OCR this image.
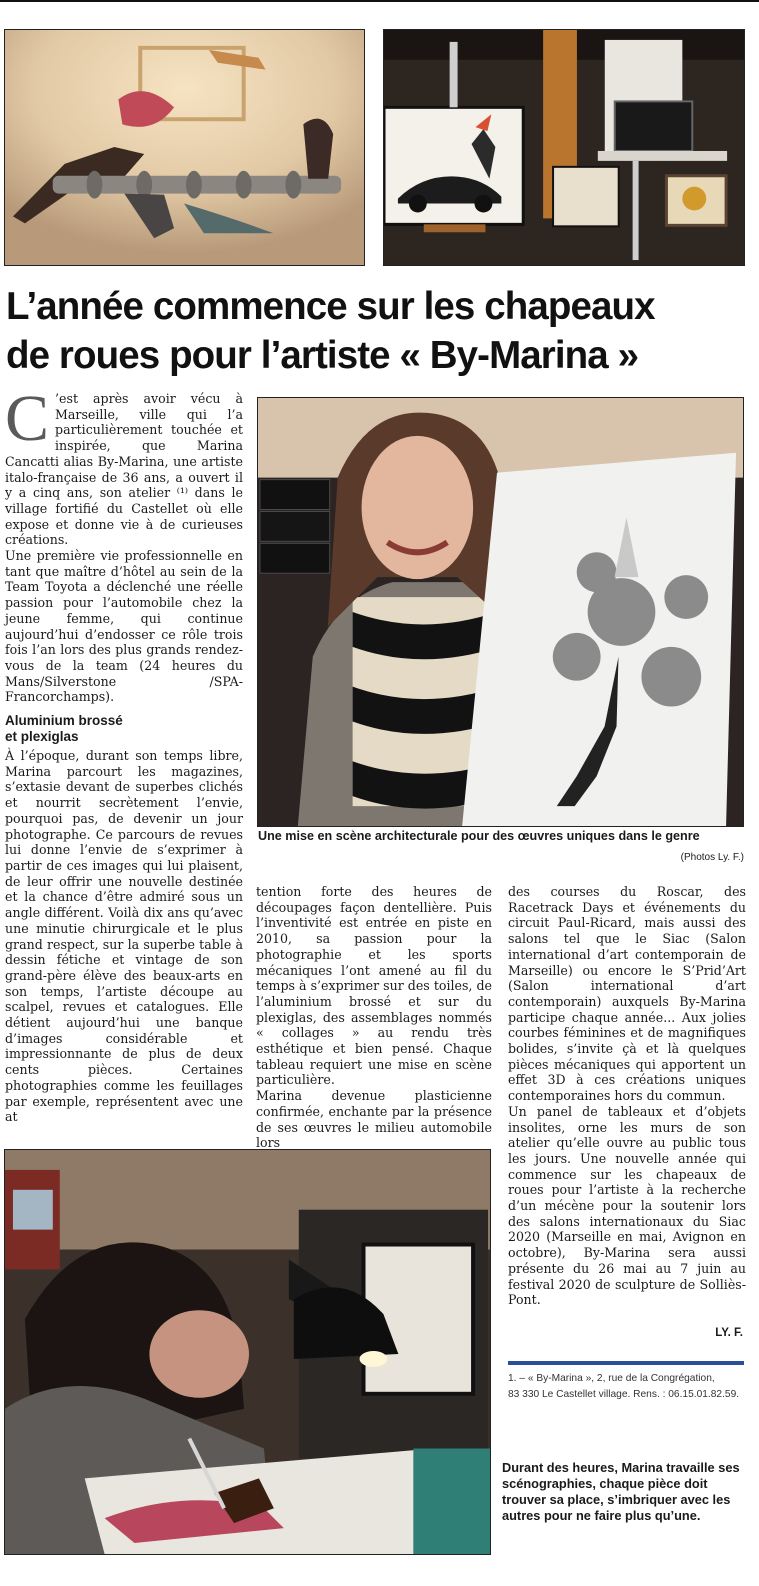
L’année commence sur les chapeaux
de roues pour l’artiste « By-Marina »

C ’est après avoir vécu à Marseille, ville qui l’a particulièrement touchée et inspirée, que Marina Cancatti alias By-Marina, une artiste italo-française de 36 ans, a ouvert il y a cinq ans, son atelier ⁽¹⁾ dans le village fortifié du Castellet où elle expose et donne vie à de curieuses créations.

Une première vie professionnelle en tant que maître d’hôtel au sein de la Team Toyota a déclenché une réelle passion pour l’automobile chez la jeune femme, qui continue aujourd’hui d’endosser ce rôle trois fois l’an lors des plus grands rendez-vous de la team (24 heures du Mans/Silverstone /SPA-Francorchamps).

Aluminium brossé
et plexiglas

À l’époque, durant son temps libre, Marina parcourt les magazines, s’extasie devant de superbes clichés et nourrit secrètement l’envie, pourquoi pas, de devenir un jour photographe. Ce parcours de revues lui donne l’envie de s’exprimer à partir de ces images qui lui plaisent, de leur offrir une nouvelle destinée et la chance d’être admiré sous un angle différent. Voilà dix ans qu’avec une minutie chirurgicale et le plus grand respect, sur la superbe table à dessin fétiche et vintage de son grand-père élève des beaux-arts en son temps, l’artiste découpe au scalpel, revues et catalogues. Elle détient aujourd’hui une banque d’images considérable et impressionnante de plus de deux cents pièces. Certaines photographies comme les feuillages par exemple, représentent avec une at

Une mise en scène architecturale pour des œuvres uniques dans le genre

(Photos Ly. F.)

tention forte des heures de découpages façon dentellière. Puis l’inventivité est entrée en piste en 2010, sa passion pour la photographie et les sports mécaniques l’ont amené au fil du temps à s’exprimer sur des toiles, de l’aluminium brossé et sur du plexiglas, des assemblages nommés « collages » au rendu très esthétique et bien pensé. Chaque tableau requiert une mise en scène particulière.

Marina devenue plasticienne confirmée, enchante par la présence de ses œuvres le milieu automobile lors

des courses du Roscar, des Racetrack Days et événements du circuit Paul-Ricard, mais aussi des salons tel que le Siac (Salon international d’art contemporain de Marseille) ou encore le S’Prid’Art (Salon international d’art contemporain) auxquels By-Marina participe chaque année... Aux jolies courbes féminines et de magnifiques bolides, s’invite çà et là quelques pièces mécaniques qui apportent un effet 3D à ces créations uniques contemporaines hors du commun.

Un panel de tableaux et d’objets insolites, orne les murs de son atelier qu’elle ouvre au public tous les jours. Une nouvelle année qui commence sur les chapeaux de roues pour l’artiste à la recherche d’un mécène pour la soutenir lors des salons internationaux du Siac 2020 (Marseille en mai, Avignon en octobre), By-Marina sera aussi présente du 26 mai au 7 juin au festival 2020 de sculpture de Solliès-Pont.

LY. F.

1. – « By-Marina », 2, rue de la Congrégation,
83 330 Le Castellet village. Rens. : 06.15.01.82.59.

Durant des heures, Marina travaille ses scénographies, chaque pièce doit trouver sa place, s’imbriquer avec les autres pour ne faire plus qu’une.
